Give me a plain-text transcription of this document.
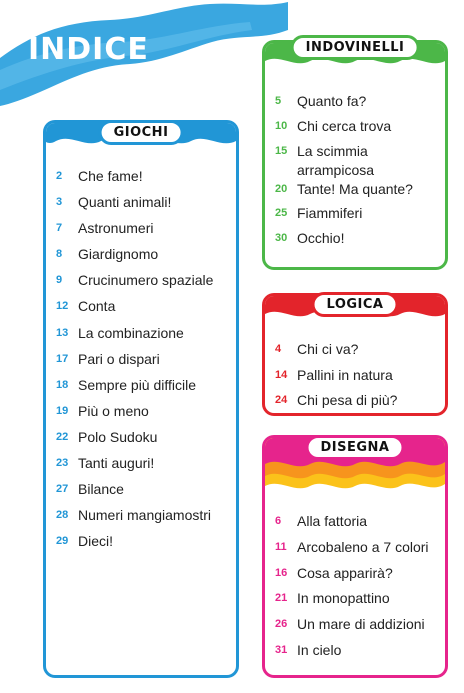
INDICE
GIOCHI
2	Che fame!
3	Quanti animali!
7	Astronumeri
8	Giardignomo
9	Crucinumero spaziale
12 Conta
13 La combinazione
17 Pari o dispari
18 Sempre più difficile
19 Più o meno
22 Polo Sudoku
23 Tanti auguri!
27 Bilance
28 Numeri mangiamostri
29 Dieci!
INDOVINELLI
5	Quanto fa?
10 Chi cerca trova
15 La scimmia arrampicosa
20 Tante! Ma quante?
25 Fiammiferi
30 Occhio!
LOGICA
4	Chi ci va?
14 Pallini in natura
24 Chi pesa di più?
DISEGNA
6	Alla fattoria
11 Arcobaleno a 7 colori
16 Cosa apparirà?
21 In monopattino
26 Un mare di addizioni
31 In cielo
